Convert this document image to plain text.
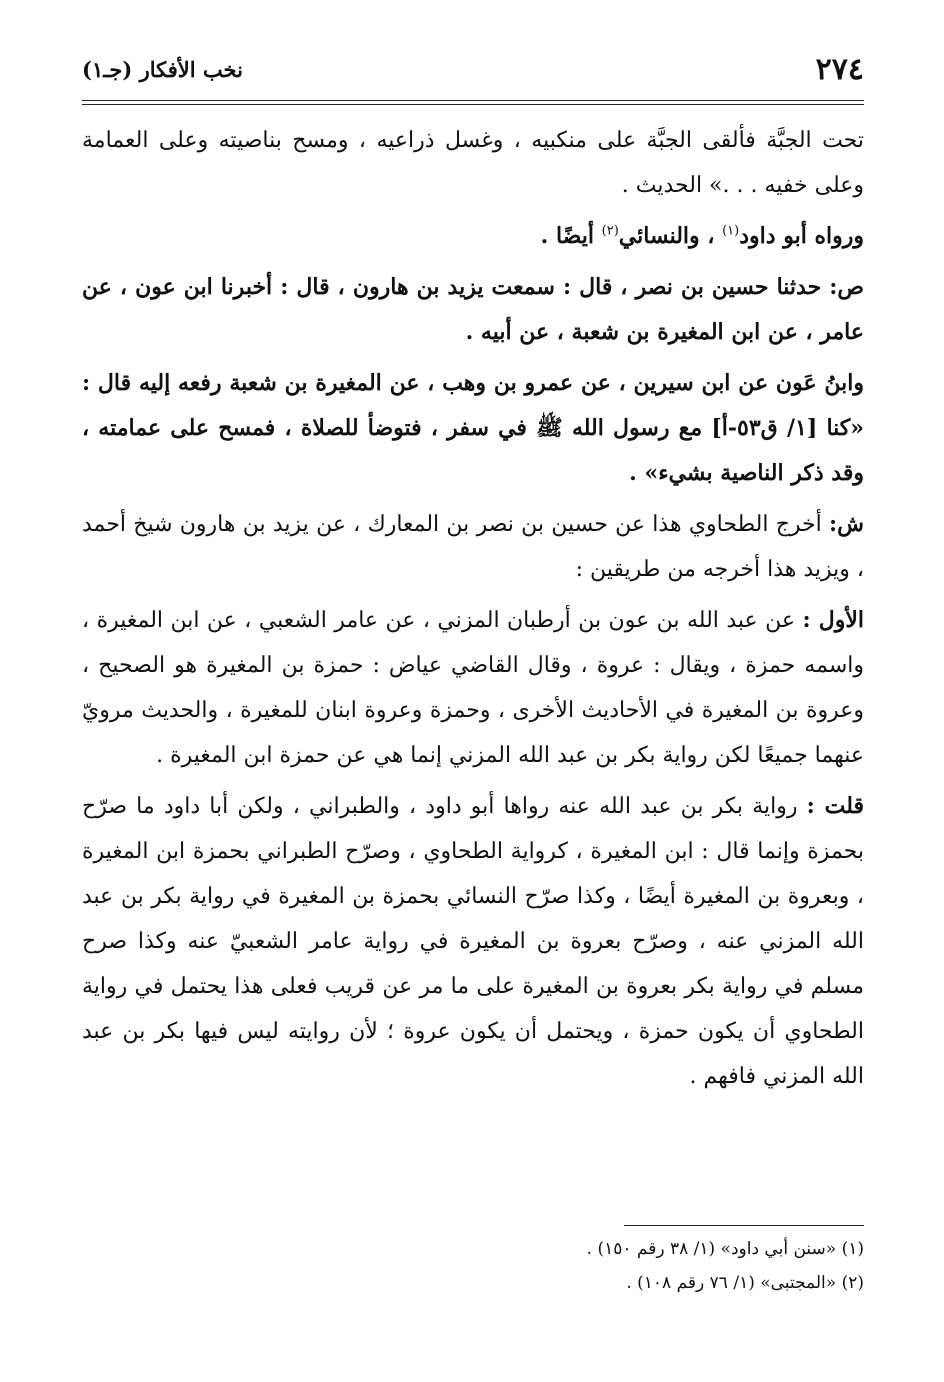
٢٧٤
نخب الأفكار (جـ١)

تحت الجبَّة فألقى الجبَّة على منكبيه ، وغسل ذراعيه ، ومسح بناصيته وعلى العمامة وعلى خفيه . . .» الحديث .

ورواه أبو داود$^{(١)}$ ، والنسائي$^{(٢)}$ أيضًا .

ص: حدثنا حسين بن نصر ، قال : سمعت يزيد بن هارون ، قال : أخبرنا ابن عون ، عن عامر ، عن ابن المغيرة بن شعبة ، عن أبيه .

وابنُ عَون عن ابن سيرين ، عن عمرو بن وهب ، عن المغيرة بن شعبة رفعه إليه قال : «كنا [١/ ق٥٣-أ] مع رسول الله ﷺ في سفر ، فتوضأ للصلاة ، فمسح على عمامته ، وقد ذكر الناصية بشيء» .

ش: أخرج الطحاوي هذا عن حسين بن نصر بن المعارك ، عن يزيد بن هارون شيخ أحمد ، ويزيد هذا أخرجه من طريقين :

الأول : عن عبد الله بن عون بن أرطبان المزني ، عن عامر الشعبي ، عن ابن المغيرة ، واسمه حمزة ، ويقال : عروة ، وقال القاضي عياض : حمزة بن المغيرة هو الصحيح ، وعروة بن المغيرة في الأحاديث الأخرى ، وحمزة وعروة ابنان للمغيرة ، والحديث مرويّ عنهما جميعًا لكن رواية بكر بن عبد الله المزني إنما هي عن حمزة ابن المغيرة .

قلت : رواية بكر بن عبد الله عنه رواها أبو داود ، والطبراني ، ولكن أبا داود ما صرّح بحمزة وإنما قال : ابن المغيرة ، كرواية الطحاوي ، وصرّح الطبراني بحمزة ابن المغيرة ، وبعروة بن المغيرة أيضًا ، وكذا صرّح النسائي بحمزة بن المغيرة في رواية بكر بن عبد الله المزني عنه ، وصرّح بعروة بن المغيرة في رواية عامر الشعبيّ عنه وكذا صرح مسلم في رواية بكر بعروة بن المغيرة على ما مر عن قريب فعلى هذا يحتمل في رواية الطحاوي أن يكون حمزة ، ويحتمل أن يكون عروة ؛ لأن روايته ليس فيها بكر بن عبد الله المزني فافهم .

(١) «سنن أبي داود» (١/ ٣٨ رقم ١٥٠) .

(٢) «المجتبى» (١/ ٧٦ رقم ١٠٨) .
